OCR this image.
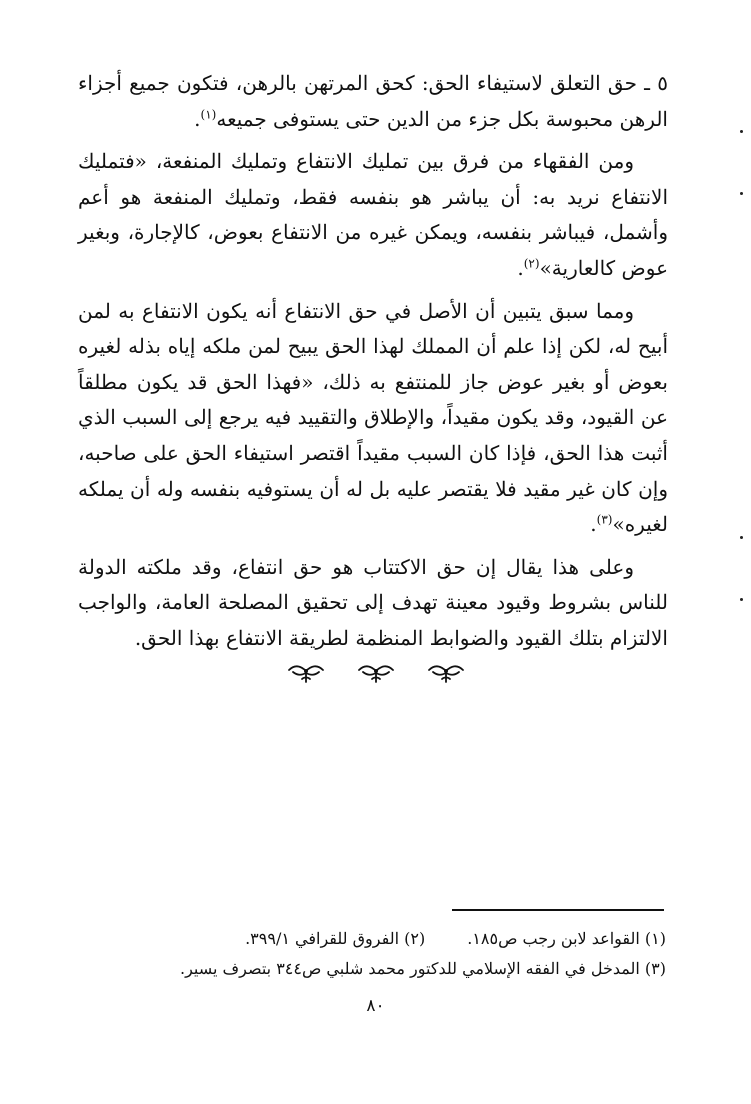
٥ ـ حق التعلق لاستيفاء الحق: كحق المرتهن بالرهن، فتكون جميع أجزاء الرهن محبوسة بكل جزء من الدين حتى يستوفى جميعه$^{(١)}$.

ومن الفقهاء من فرق بين تمليك الانتفاع وتمليك المنفعة، «فتمليك الانتفاع نريد به: أن يباشر هو بنفسه فقط، وتمليك المنفعة هو أعم وأشمل، فيباشر بنفسه، ويمكن غيره من الانتفاع بعوض، كالإجارة، وبغير عوض كالعارية»$^{(٢)}$.

ومما سبق يتبين أن الأصل في حق الانتفاع أنه يكون الانتفاع به لمن أبيح له، لكن إذا علم أن المملك لهذا الحق يبيح لمن ملكه إياه بذله لغيره بعوض أو بغير عوض جاز للمنتفع به ذلك، «فهذا الحق قد يكون مطلقاً عن القيود، وقد يكون مقيداً، والإطلاق والتقييد فيه يرجع إلى السبب الذي أثبت هذا الحق، فإذا كان السبب مقيداً اقتصر استيفاء الحق على صاحبه، وإن كان غير مقيد فلا يقتصر عليه بل له أن يستوفيه بنفسه وله أن يملكه لغيره»$^{(٣)}$.

وعلى هذا يقال إن حق الاكتتاب هو حق انتفاع، وقد ملكته الدولة للناس بشروط وقيود معينة تهدف إلى تحقيق المصلحة العامة، والواجب الالتزام بتلك القيود والضوابط المنظمة لطريقة الانتفاع بهذا الحق.

(١) القواعد لابن رجب ص١٨٥.
(٢) الفروق للقرافي ٣٩٩/١.
(٣) المدخل في الفقه الإسلامي للدكتور محمد شلبي ص٣٤٤ بتصرف يسير.
٨٠
